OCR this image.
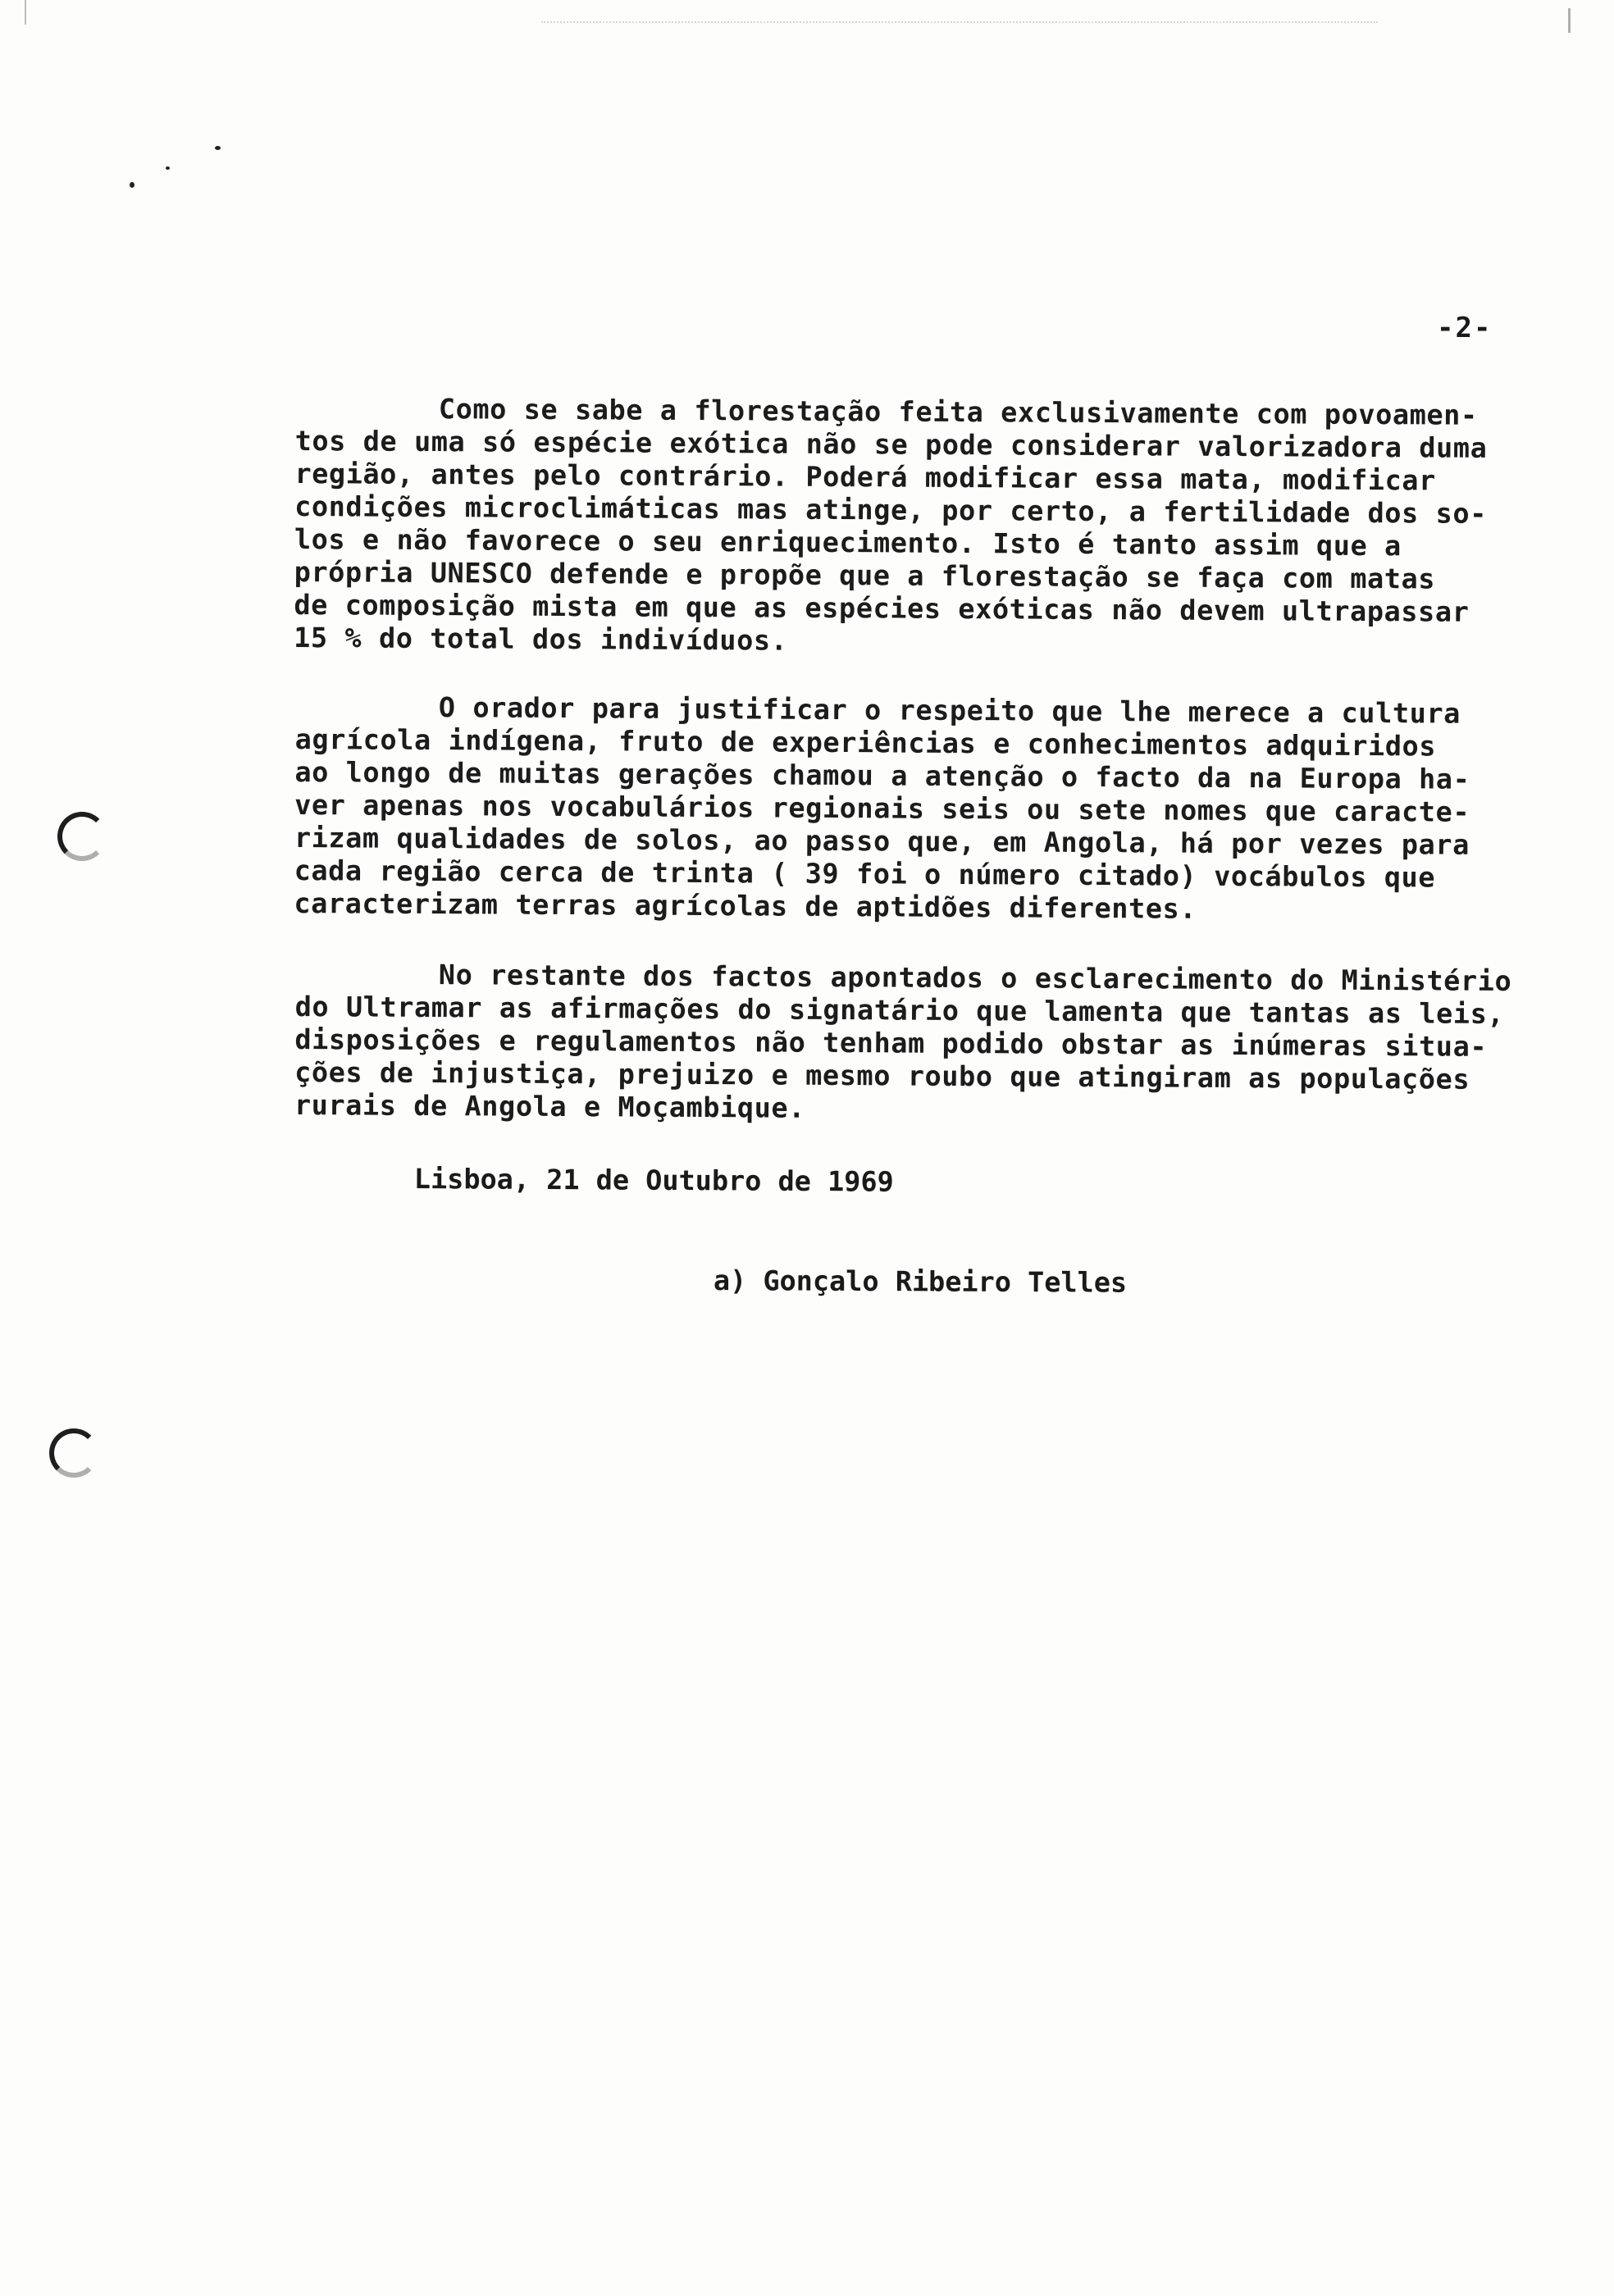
-2-
Como se sabe a florestação feita exclusivamente com povoamen-
tos de uma só espécie exótica não se pode considerar valorizadora duma
região, antes pelo contrário. Poderá modificar essa mata, modificar
condições microclimáticas mas atinge, por certo, a fertilidade dos so-
los e não favorece o seu enriquecimento. Isto é tanto assim que a
própria UNESCO defende e propõe que a florestação se faça com matas
de composição mista em que as espécies exóticas não devem ultrapassar
15 % do total dos indivíduos.
O orador para justificar o respeito que lhe merece a cultura
agrícola indígena, fruto de experiências e conhecimentos adquiridos
ao longo de muitas gerações chamou a atenção o facto da na Europa ha-
ver apenas nos vocabulários regionais seis ou sete nomes que caracte-
rizam qualidades de solos, ao passo que, em Angola, há por vezes para
cada região cerca de trinta ( 39 foi o número citado) vocábulos que
caracterizam terras agrícolas de aptidões diferentes.
No restante dos factos apontados o esclarecimento do Ministério
do Ultramar as afirmações do signatário que lamenta que tantas as leis,
disposições e regulamentos não tenham podido obstar as inúmeras situa-
ções de injustiça, prejuizo e mesmo roubo que atingiram as populações
rurais de Angola e Moçambique.
Lisboa, 21 de Outubro de 1969
a) Gonçalo Ribeiro Telles
